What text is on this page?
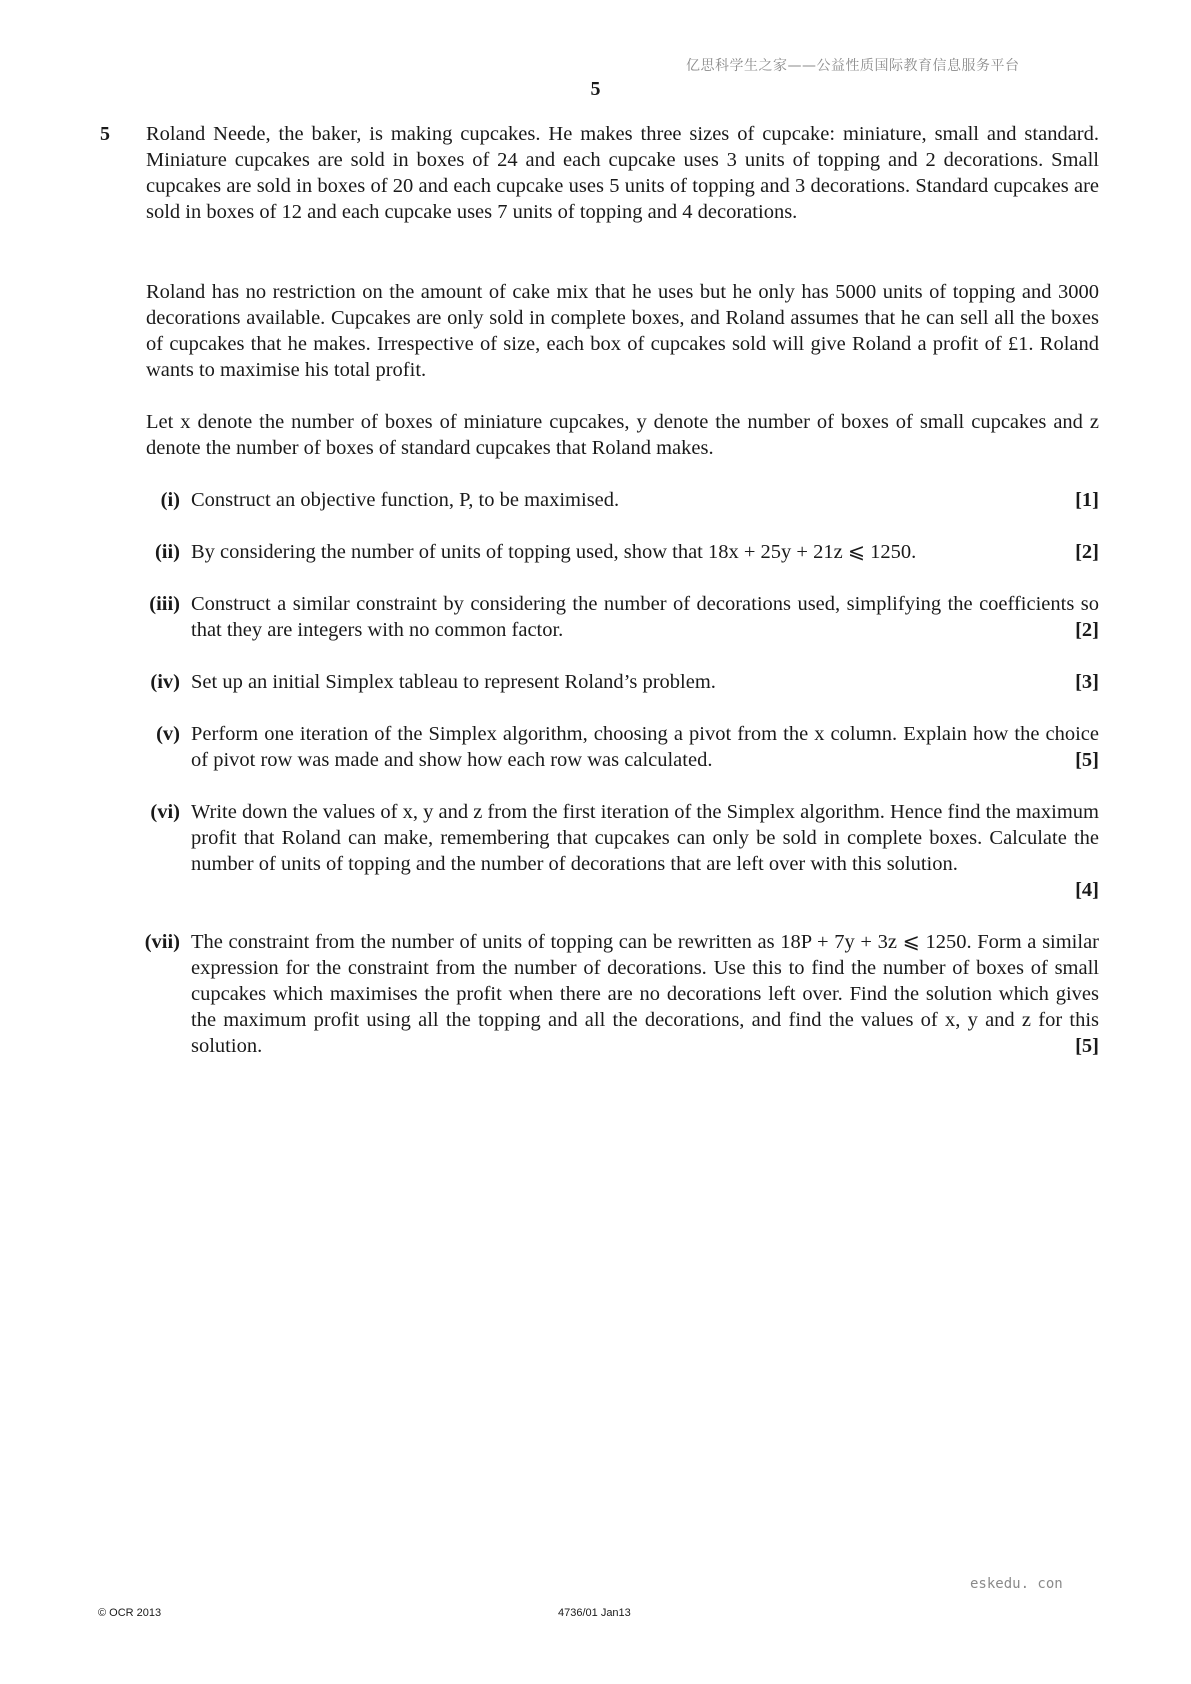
亿思科学生之家——公益性质国际教育信息服务平台
5
5 Roland Neede, the baker, is making cupcakes. He makes three sizes of cupcake: miniature, small and standard. Miniature cupcakes are sold in boxes of 24 and each cupcake uses 3 units of topping and 2 decorations. Small cupcakes are sold in boxes of 20 and each cupcake uses 5 units of topping and 3 decorations. Standard cupcakes are sold in boxes of 12 and each cupcake uses 7 units of topping and 4 decorations.

Roland has no restriction on the amount of cake mix that he uses but he only has 5000 units of topping and 3000 decorations available. Cupcakes are only sold in complete boxes, and Roland assumes that he can sell all the boxes of cupcakes that he makes. Irrespective of size, each box of cupcakes sold will give Roland a profit of £1. Roland wants to maximise his total profit.

Let x denote the number of boxes of miniature cupcakes, y denote the number of boxes of small cupcakes and z denote the number of boxes of standard cupcakes that Roland makes.

(i) Construct an objective function, P, to be maximised.	[1]
(ii) By considering the number of units of topping used, show that 18x + 25y + 21z ⩽ 1250.	[2]
(iii) Construct a similar constraint by considering the number of decorations used, simplifying the coefficients so that they are integers with no common factor.	[2]
(iv) Set up an initial Simplex tableau to represent Roland’s problem.	[3]
(v) Perform one iteration of the Simplex algorithm, choosing a pivot from the x column. Explain how the choice of pivot row was made and show how each row was calculated.	[5]
(vi) Write down the values of x, y and z from the first iteration of the Simplex algorithm. Hence find the maximum profit that Roland can make, remembering that cupcakes can only be sold in complete boxes. Calculate the number of units of topping and the number of decorations that are left over with this solution.
[4]
(vii) The constraint from the number of units of topping can be rewritten as 18P + 7y + 3z ⩽ 1250. Form a similar expression for the constraint from the number of decorations. Use this to find the number of boxes of small cupcakes which maximises the profit when there are no decorations left over. Find the solution which gives the maximum profit using all the topping and all the decorations, and find the values of x, y and z for this solution.	[5]
eskedu. con
© OCR 2013	4736/01 Jan13
